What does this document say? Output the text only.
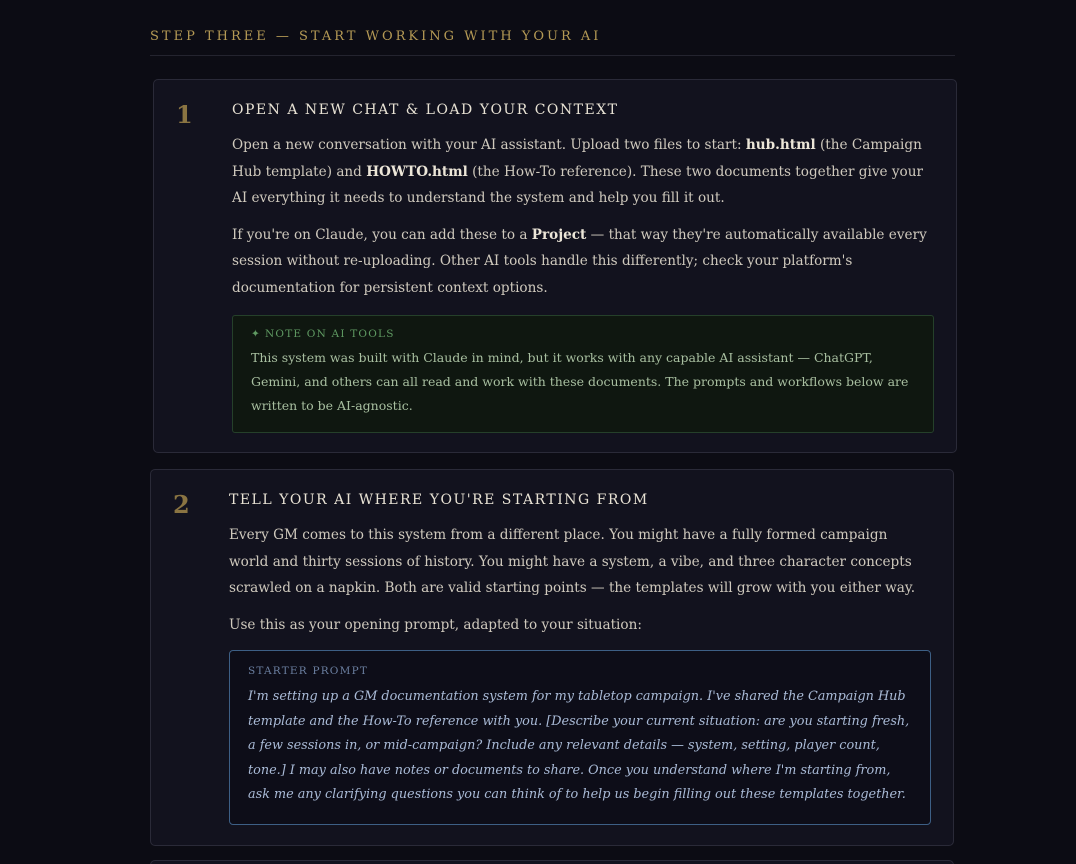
STEP THREE — START WORKING WITH YOUR AI
1	OPEN A NEW CHAT & LOAD YOUR CONTEXT

Open a new conversation with your AI assistant. Upload two files to start: hub.html (the Campaign Hub template) and HOWTO.html (the How-To reference). These two documents together give your AI everything it needs to understand the system and help you fill it out.

If you're on Claude, you can add these to a Project — that way they're automatically available every session without re-uploading. Other AI tools handle this differently; check your platform's documentation for persistent context options.

✦ NOTE ON AI TOOLS
This system was built with Claude in mind, but it works with any capable AI assistant — ChatGPT, Gemini, and others can all read and work with these documents. The prompts and workflows below are written to be AI-agnostic.
2	TELL YOUR AI WHERE YOU'RE STARTING FROM

Every GM comes to this system from a different place. You might have a fully formed campaign world and thirty sessions of history. You might have a system, a vibe, and three character concepts scrawled on a napkin. Both are valid starting points — the templates will grow with you either way.

Use this as your opening prompt, adapted to your situation:

STARTER PROMPT
I'm setting up a GM documentation system for my tabletop campaign. I've shared the Campaign Hub template and the How-To reference with you. [Describe your current situation: are you starting fresh, a few sessions in, or mid-campaign? Include any relevant details — system, setting, player count, tone.] I may also have notes or documents to share. Once you understand where I'm starting from, ask me any clarifying questions you can think of to help us begin filling out these templates together.
